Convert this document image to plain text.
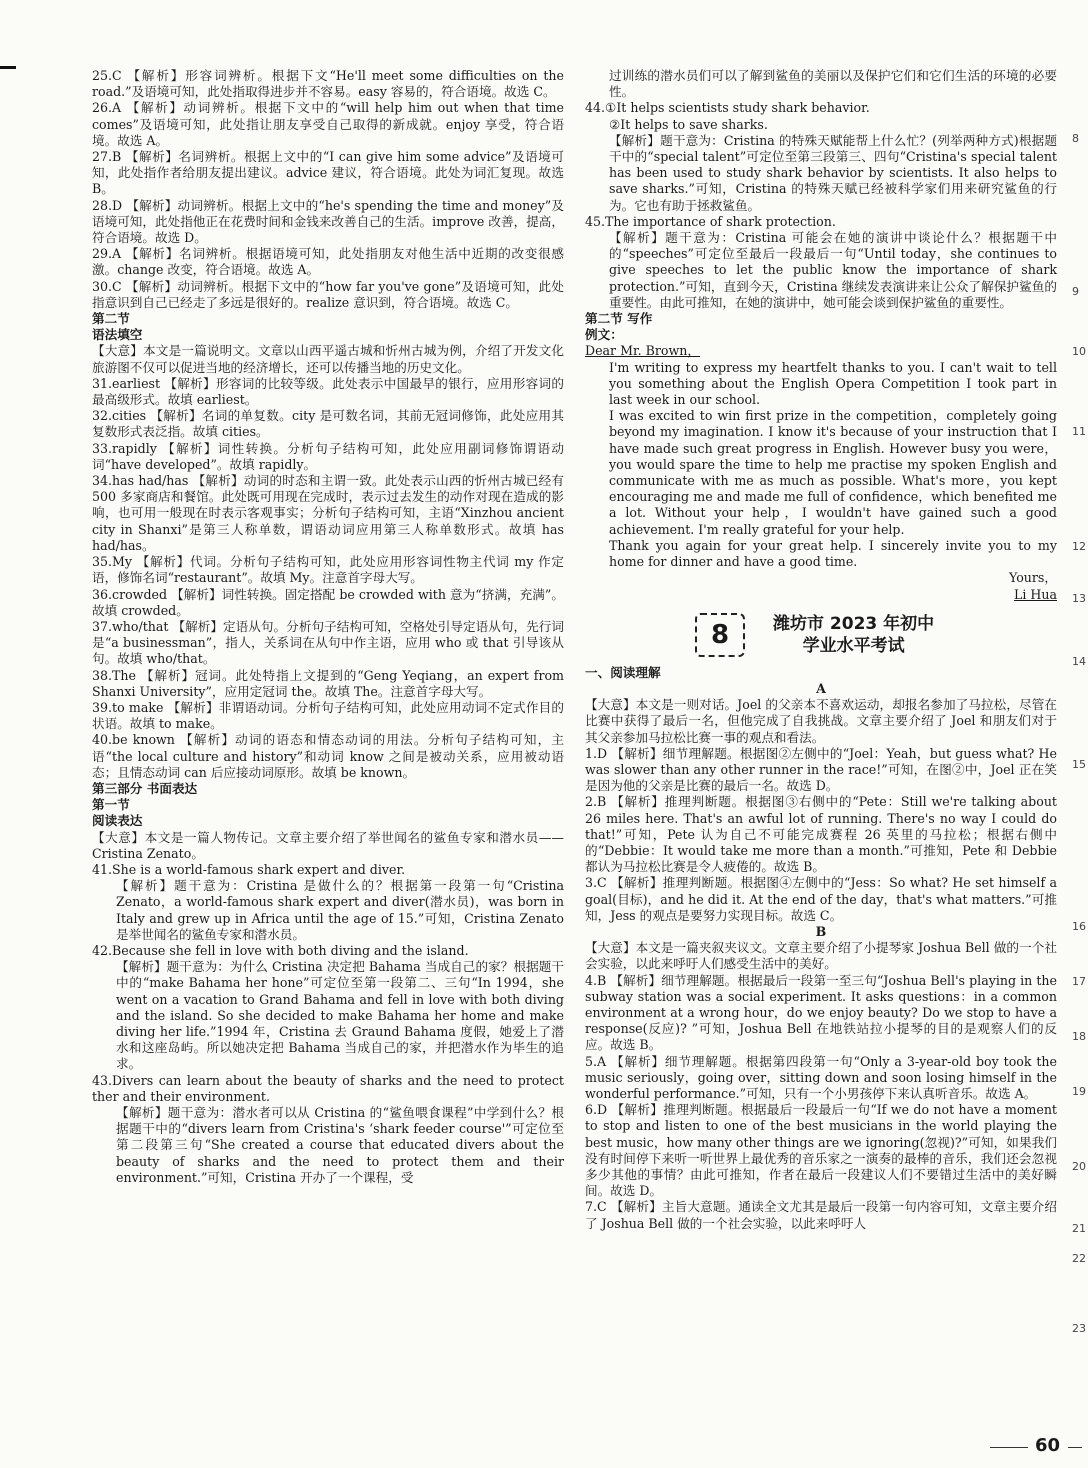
25.C 【解析】形容词辨析。根据下文“He'll meet some difficulties on the road.”及语境可知，此处指取得进步并不容易。easy 容易的，符合语境。故选 C。

26.A 【解析】动词辨析。根据下文中的“will help him out when that time comes”及语境可知，此处指让朋友享受自己取得的新成就。enjoy 享受，符合语境。故选 A。

27.B 【解析】名词辨析。根据上文中的“I can give him some advice”及语境可知，此处指作者给朋友提出建议。advice 建议，符合语境。此处为词汇复现。故选 B。

28.D 【解析】动词辨析。根据上文中的“he's spending the time and money”及语境可知，此处指他正在花费时间和金钱来改善自己的生活。improve 改善，提高，符合语境。故选 D。

29.A 【解析】名词辨析。根据语境可知，此处指朋友对他生活中近期的改变很感激。change 改变，符合语境。故选 A。

30.C 【解析】动词辨析。根据下文中的“how far you've gone”及语境可知，此处指意识到自己已经走了多远是很好的。realize 意识到，符合语境。故选 C。

第二节

语法填空

【大意】本文是一篇说明文。文章以山西平遥古城和忻州古城为例，介绍了开发文化旅游图不仅可以促进当地的经济增长，还可以传播当地的历史文化。

31.earliest 【解析】形容词的比较等级。此处表示中国最早的银行，应用形容词的最高级形式。故填 earliest。

32.cities 【解析】名词的单复数。city 是可数名词，其前无冠词修饰，此处应用其复数形式表泛指。故填 cities。

33.rapidly 【解析】词性转换。分析句子结构可知，此处应用副词修饰谓语动词“have developed”。故填 rapidly。

34.has had/has 【解析】动词的时态和主谓一致。此处表示山西的忻州古城已经有 500 多家商店和餐馆。此处既可用现在完成时，表示过去发生的动作对现在造成的影响，也可用一般现在时表示客观事实；分析句子结构可知，主语“Xinzhou ancient city in Shanxi”是第三人称单数，谓语动词应用第三人称单数形式。故填 has had/has。

35.My 【解析】代词。分析句子结构可知，此处应用形容词性物主代词 my 作定语，修饰名词“restaurant”。故填 My。注意首字母大写。

36.crowded 【解析】词性转换。固定搭配 be crowded with 意为“挤满，充满”。故填 crowded。

37.who/that 【解析】定语从句。分析句子结构可知，空格处引导定语从句，先行词是“a businessman”，指人，关系词在从句中作主语，应用 who 或 that 引导该从句。故填 who/that。

38.The 【解析】冠词。此处特指上文提到的“Geng Yeqiang，an expert from Shanxi University”，应用定冠词 the。故填 The。注意首字母大写。

39.to make 【解析】非谓语动词。分析句子结构可知，此处应用动词不定式作目的状语。故填 to make。

40.be known 【解析】动词的语态和情态动词的用法。分析句子结构可知，主语“the local culture and history”和动词 know 之间是被动关系，应用被动语态；且情态动词 can 后应接动词原形。故填 be known。

第三部分 书面表达

第一节

阅读表达

【大意】本文是一篇人物传记。文章主要介绍了举世闻名的鲨鱼专家和潜水员——Cristina Zenato。

41.She is a world-famous shark expert and diver.

【解析】题干意为：Cristina 是做什么的？根据第一段第一句“Cristina Zenato，a world-famous shark expert and diver(潜水员)，was born in Italy and grew up in Africa until the age of 15.”可知，Cristina Zenato 是举世闻名的鲨鱼专家和潜水员。

42.Because she fell in love with both diving and the island.

【解析】题干意为：为什么 Cristina 决定把 Bahama 当成自己的家？根据题干中的“make Bahama her hone”可定位至第一段第二、三句“In 1994，she went on a vacation to Grand Bahama and fell in love with both diving and the island. So she decided to make Bahama her home and make diving her life.”1994 年，Cristina 去 Graund Bahama 度假，她爱上了潜水和这座岛屿。所以她决定把 Bahama 当成自己的家，并把潜水作为毕生的追求。

43.Divers can learn about the beauty of sharks and the need to protect ther and their environment.

【解析】题干意为：潜水者可以从 Cristina 的“鲨鱼喂食课程”中学到什么？根据题干中的“divers learn from Cristina's ‘shark feeder course'”可定位至第二段第三句“She created a course that educated divers about the beauty of sharks and the need to protect them and their environment.”可知，Cristina 开办了一个课程，受

过训练的潜水员们可以了解到鲨鱼的美丽以及保护它们和它们生活的环境的必要性。

44.①It helps scientists study shark behavior.

②It helps to save sharks.

【解析】题干意为：Cristina 的特殊天赋能帮上什么忙？(列举两种方式)根据题干中的“special talent”可定位至第三段第三、四句“Cristina's special talent has been used to study shark behavior by scientists. It also helps to save sharks.”可知，Cristina 的特殊天赋已经被科学家们用来研究鲨鱼的行为。它也有助于拯救鲨鱼。

45.The importance of shark protection.

【解析】题干意为：Cristina 可能会在她的演讲中谈论什么？根据题干中的“speeches”可定位至最后一段最后一句“Until today，she continues to give speeches to let the public know the importance of shark protection.”可知，直到今天，Cristina 继续发表演讲来让公众了解保护鲨鱼的重要性。由此可推知，在她的演讲中，她可能会谈到保护鲨鱼的重要性。

第二节 写作

例文：

Dear Mr. Brown，

I'm writing to express my heartfelt thanks to you. I can't wait to tell you something about the English Opera Competition I took part in last week in our school.

I was excited to win first prize in the competition，completely going beyond my imagination. I know it's because of your instruction that I have made such great progress in English. However busy you were，you would spare the time to help me practise my spoken English and communicate with me as much as possible. What's more，you kept encouraging me and made me full of confidence，which benefited me a lot. Without your help，I wouldn't have gained such a good achievement. I'm really grateful for your help.

Thank you again for your great help. I sincerely invite you to my home for dinner and have a good time.

Yours，

Li Hua

8	潍坊市 2023 年初中
学业水平考试

一、阅读理解

A

【大意】本文是一则对话。Joel 的父亲本不喜欢运动，却报名参加了马拉松，尽管在比赛中获得了最后一名，但他完成了自我挑战。文章主要介绍了 Joel 和朋友们对于其父亲参加马拉松比赛一事的观点和看法。

1.D 【解析】细节理解题。根据图②左侧中的“Joel：Yeah，but guess what? He was slower than any other runner in the race!”可知，在图②中，Joel 正在笑是因为他的父亲是比赛的最后一名。故选 D。

2.B 【解析】推理判断题。根据图③右侧中的“Pete：Still we're talking about 26 miles here. That's an awful lot of running. There's no way I could do that!”可知，Pete 认为自己不可能完成赛程 26 英里的马拉松；根据右侧中的“Debbie：It would take me more than a month.”可推知，Pete 和 Debbie 都认为马拉松比赛是令人疲倦的。故选 B。

3.C 【解析】推理判断题。根据图④左侧中的“Jess：So what? He set himself a goal(目标)，and he did it. At the end of the day，that's what matters.”可推知，Jess 的观点是要努力实现目标。故选 C。

B

【大意】本文是一篇夹叙夹议文。文章主要介绍了小提琴家 Joshua Bell 做的一个社会实验，以此来呼吁人们感受生活中的美好。

4.B 【解析】细节理解题。根据最后一段第一至三句“Joshua Bell's playing in the subway station was a social experiment. It asks questions：in a common environment at a wrong hour，do we enjoy beauty? Do we stop to have a response(反应)? ”可知，Joshua Bell 在地铁站拉小提琴的目的是观察人们的反应。故选 B。

5.A 【解析】细节理解题。根据第四段第一句“Only a 3-year-old boy took the music seriously，going over，sitting down and soon losing himself in the wonderful performance.”可知，只有一个小男孩停下来认真听音乐。故选 A。

6.D 【解析】推理判断题。根据最后一段最后一句“If we do not have a moment to stop and listen to one of the best musicians in the world playing the best music，how many other things are we ignoring(忽视)?”可知，如果我们没有时间停下来听一听世界上最优秀的音乐家之一演奏的最棒的音乐，我们还会忽视多少其他的事情？由此可推知，作者在最后一段建议人们不要错过生活中的美好瞬间。故选 D。

7.C 【解析】主旨大意题。通读全文尤其是最后一段第一句内容可知，文章主要介绍了 Joshua Bell 做的一个社会实验，以此来呼吁人

8
9
10
11
12
13
14
15
16
17
18
19
20
21
22
23
60
